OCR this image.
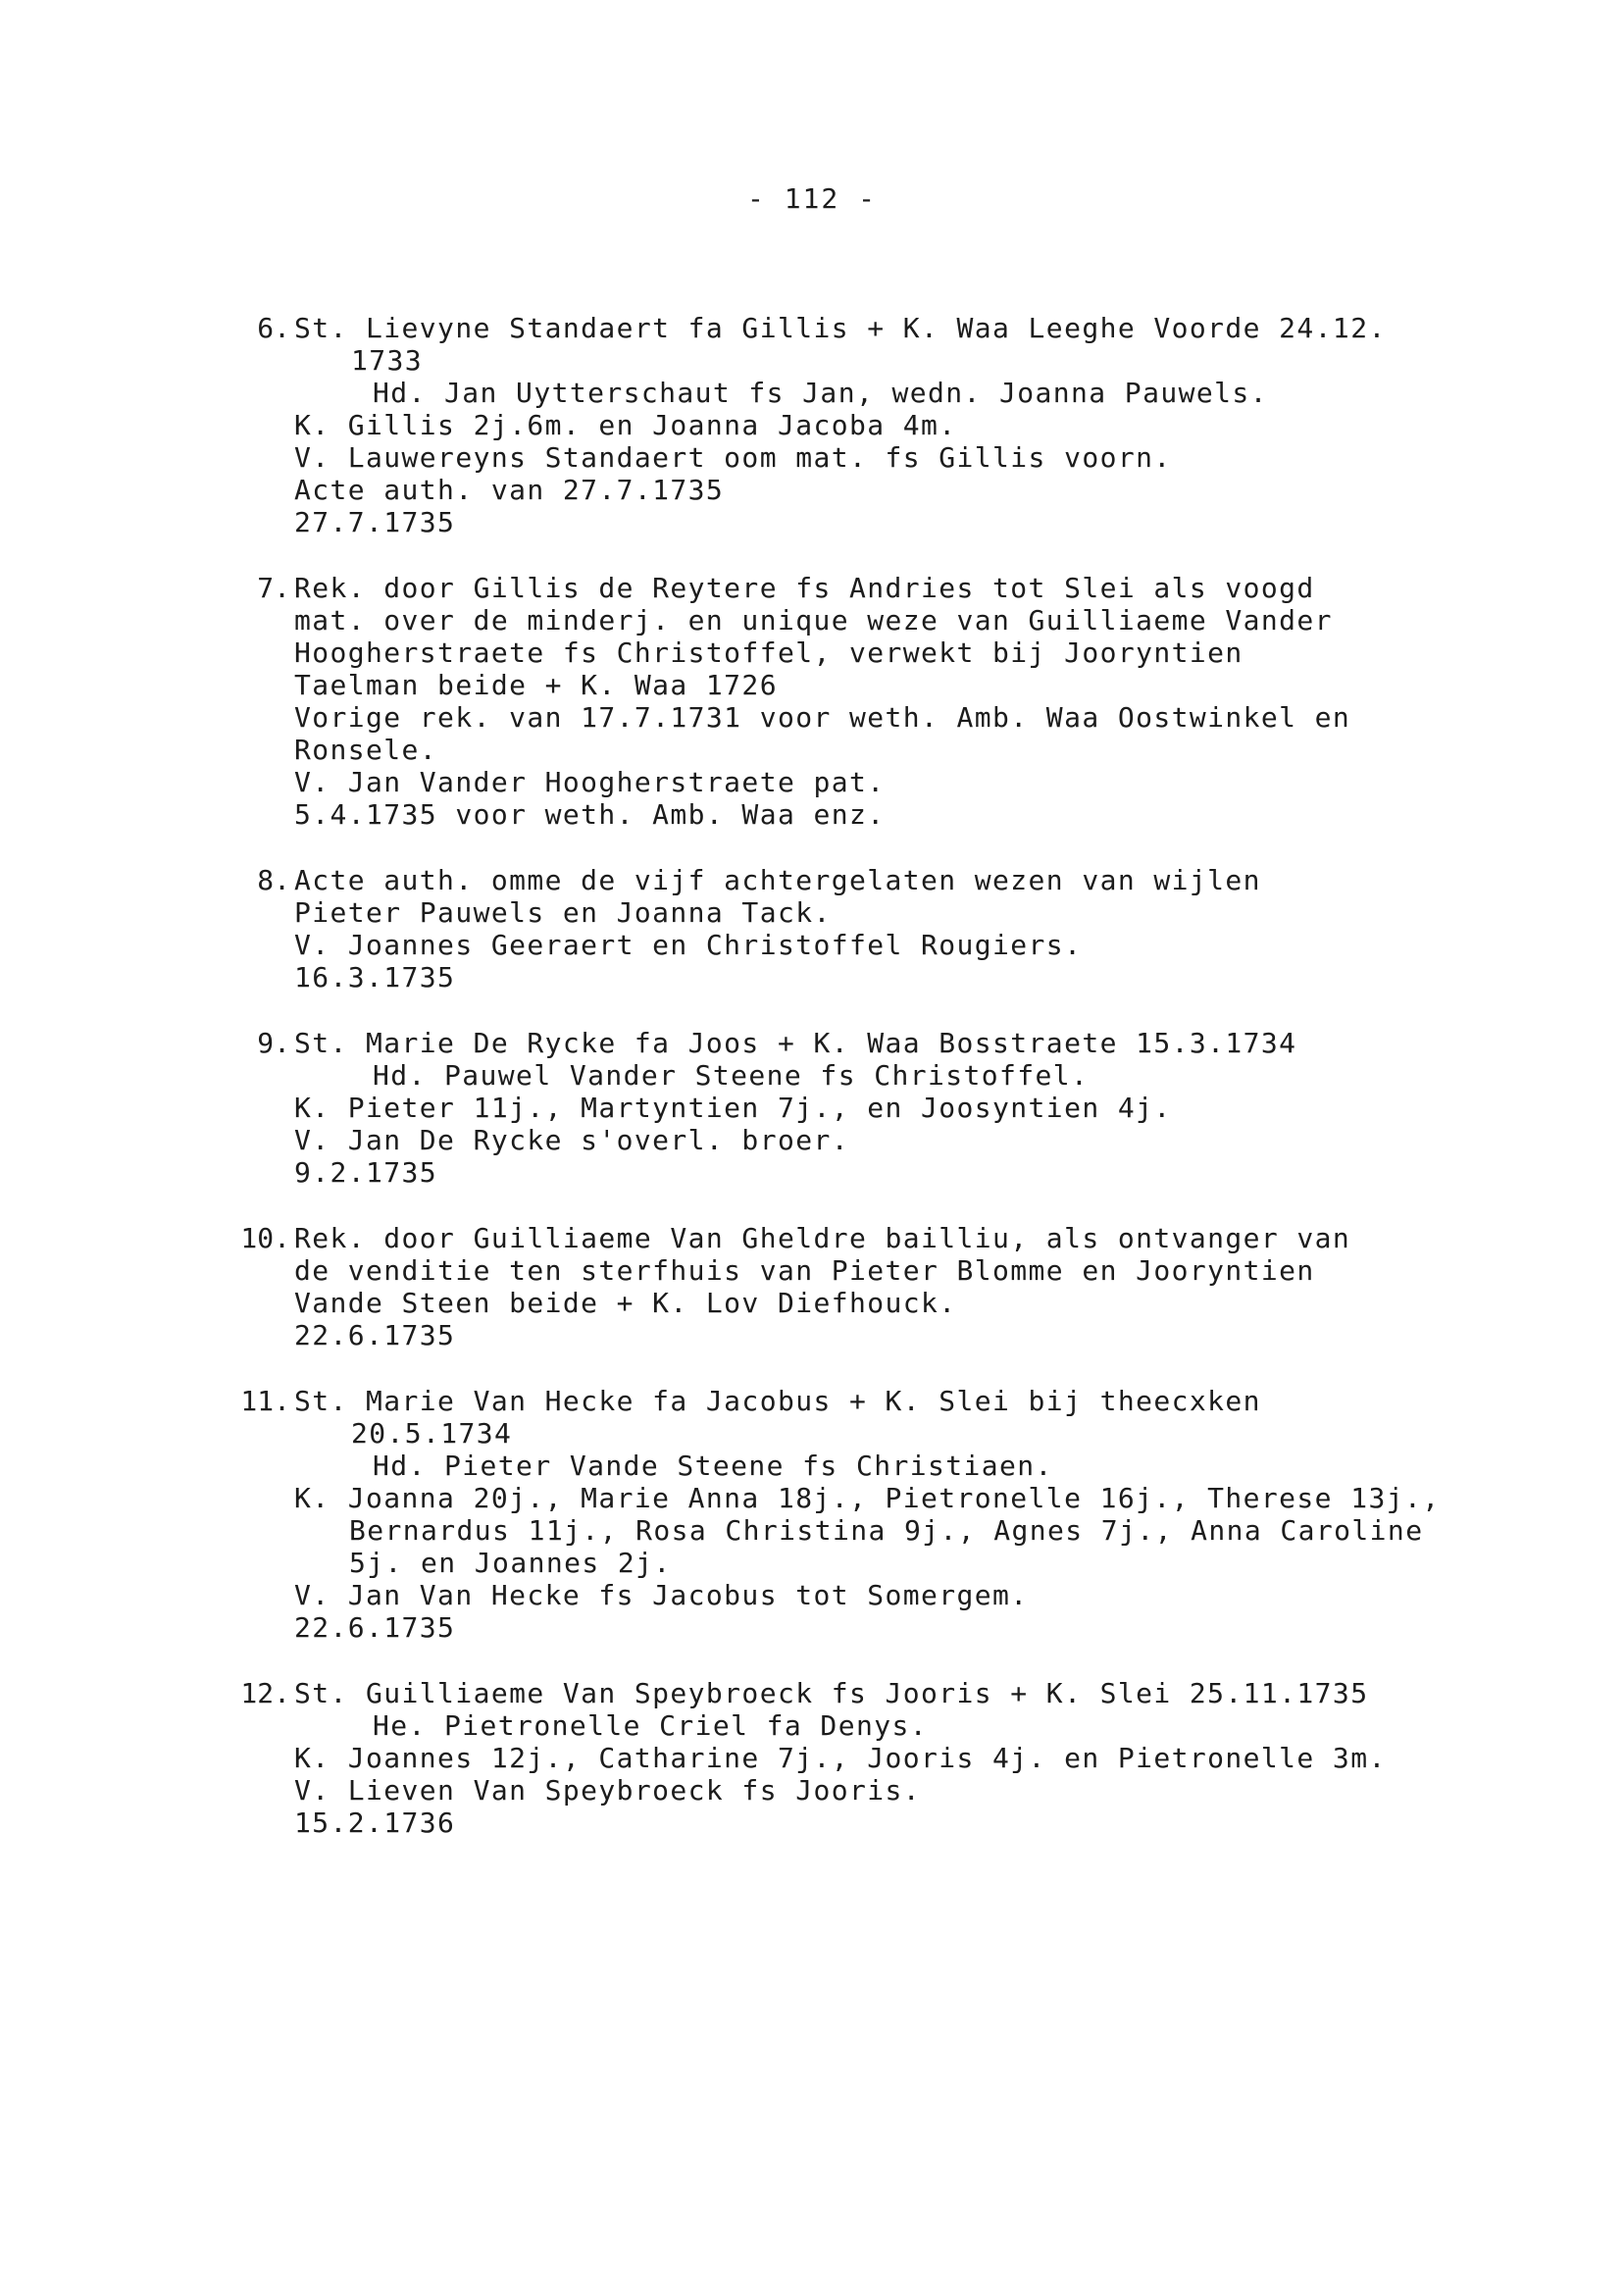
- 112 -
6. St. Lievyne Standaert fa Gillis + K. Waa Leeghe Voorde 24.12.
1733
Hd. Jan Uytterschaut fs Jan, wedn. Joanna Pauwels.
K. Gillis 2j.6m. en Joanna Jacoba 4m.
V. Lauwereyns Standaert oom mat. fs Gillis voorn.
Acte auth. van 27.7.1735
27.7.1735
7. Rek. door Gillis de Reytere fs Andries tot Slei als voogd
mat. over de minderj. en unique weze van Guilliaeme Vander
Hoogherstraete fs Christoffel, verwekt bij Jooryntien
Taelman beide + K. Waa 1726
Vorige rek. van 17.7.1731 voor weth. Amb. Waa Oostwinkel en
Ronsele.
V. Jan Vander Hoogherstraete pat.
5.4.1735 voor weth. Amb. Waa enz.
8. Acte auth. omme de vijf achtergelaten wezen van wijlen
Pieter Pauwels en Joanna Tack.
V. Joannes Geeraert en Christoffel Rougiers.
16.3.1735
9. St. Marie De Rycke fa Joos + K. Waa Bosstraete 15.3.1734
Hd. Pauwel Vander Steene fs Christoffel.
K. Pieter 11j., Martyntien 7j., en Joosyntien 4j.
V. Jan De Rycke s'overl. broer.
9.2.1735
10. Rek. door Guilliaeme Van Gheldre bailliu, als ontvanger van
de venditie ten sterfhuis van Pieter Blomme en Jooryntien
Vande Steen beide + K. Lov Diefhouck.
22.6.1735
11. St. Marie Van Hecke fa Jacobus + K. Slei bij theecxken
20.5.1734
Hd. Pieter Vande Steene fs Christiaen.
K. Joanna 20j., Marie Anna 18j., Pietronelle 16j., Therese 13j.,
Bernardus 11j., Rosa Christina 9j., Agnes 7j., Anna Caroline
5j. en Joannes 2j.
V. Jan Van Hecke fs Jacobus tot Somergem.
22.6.1735
12. St. Guilliaeme Van Speybroeck fs Jooris + K. Slei 25.11.1735
He. Pietronelle Criel fa Denys.
K. Joannes 12j., Catharine 7j., Jooris 4j. en Pietronelle 3m.
V. Lieven Van Speybroeck fs Jooris.
15.2.1736
